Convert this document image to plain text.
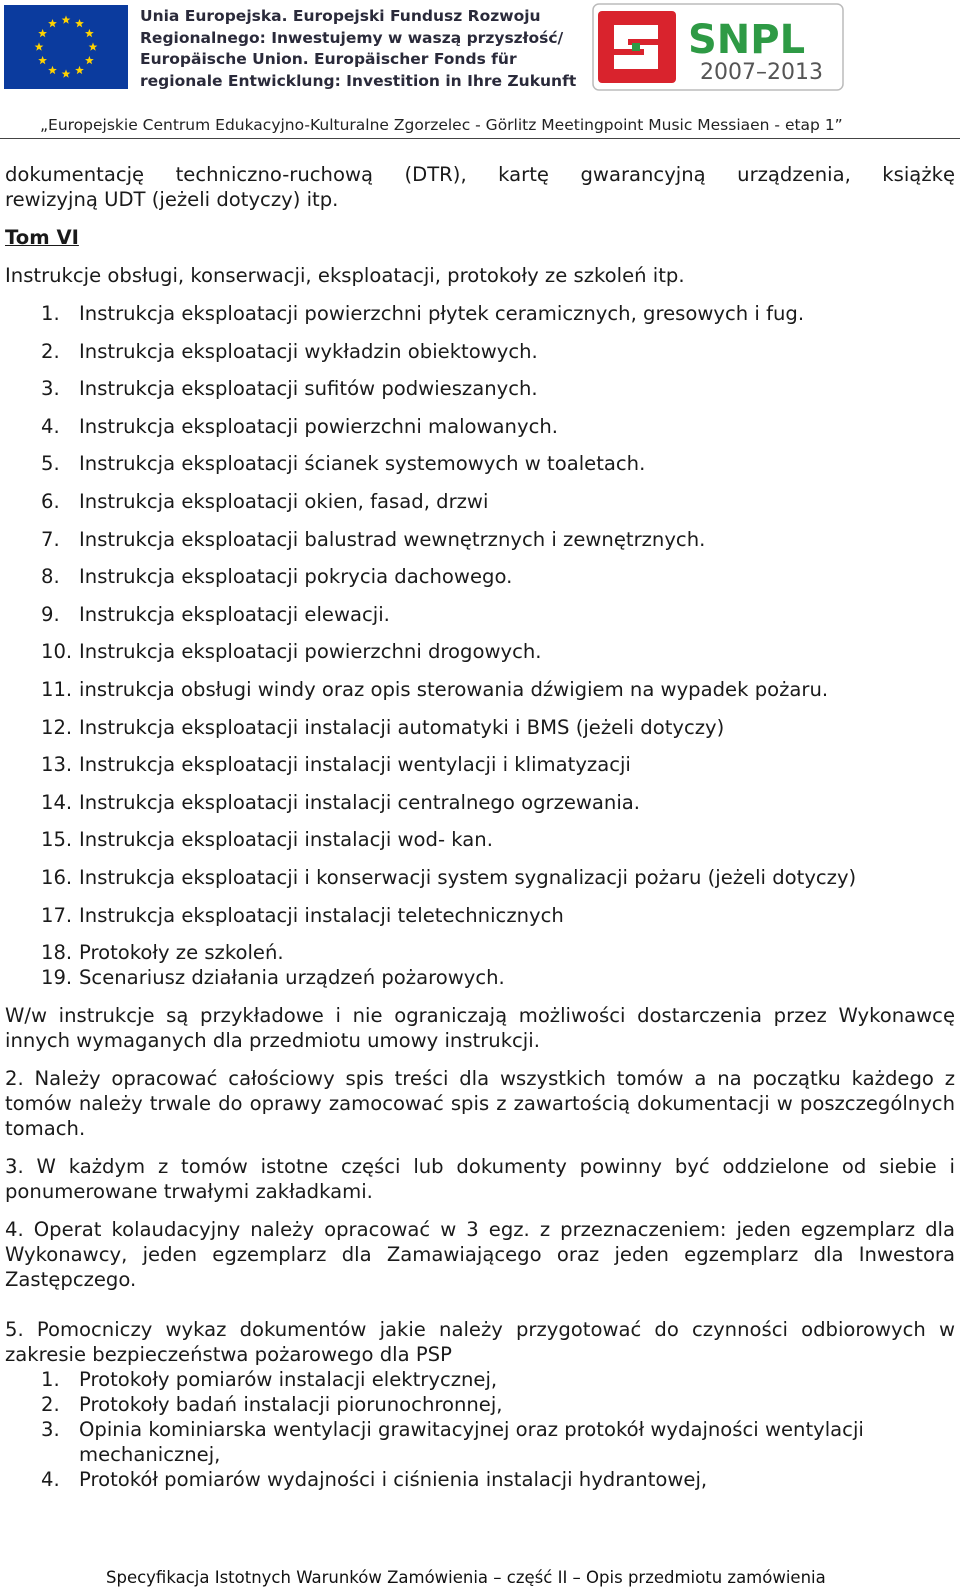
Unia Europejska. Europejski Fundusz Rozwoju
Regionalnego: Inwestujemy w waszą przyszłość/
Europäische Union. Europäischer Fonds für
regionale Entwicklung: Investition in Ihre Zukunft
SNPL
2007–2013
„Europejskie Centrum Edukacyjno-Kulturalne Zgorzelec - Görlitz Meetingpoint Music Messiaen - etap 1”

dokumentację techniczno-ruchową (DTR), kartę gwarancyjną urządzenia, książkę

rewizyjną UDT (jeżeli dotyczy) itp.

Tom VI

Instrukcje obsługi, konserwacji, eksploatacji, protokoły ze szkoleń itp.

1. Instrukcja eksploatacji powierzchni płytek ceramicznych, gresowych i fug.
2. Instrukcja eksploatacji wykładzin obiektowych.
3. Instrukcja eksploatacji sufitów podwieszanych.
4. Instrukcja eksploatacji powierzchni malowanych.
5. Instrukcja eksploatacji ścianek systemowych w toaletach.
6. Instrukcja eksploatacji okien, fasad, drzwi
7. Instrukcja eksploatacji balustrad wewnętrznych i zewnętrznych.
8. Instrukcja eksploatacji pokrycia dachowego.
9. Instrukcja eksploatacji elewacji.
10. Instrukcja eksploatacji powierzchni drogowych.
11. instrukcja obsługi windy oraz opis sterowania dźwigiem na wypadek pożaru.
12. Instrukcja eksploatacji instalacji automatyki i BMS (jeżeli dotyczy)
13. Instrukcja eksploatacji instalacji wentylacji i klimatyzacji
14. Instrukcja eksploatacji instalacji centralnego ogrzewania.
15. Instrukcja eksploatacji instalacji wod- kan.
16. Instrukcja eksploatacji i konserwacji system sygnalizacji pożaru (jeżeli dotyczy)
17. Instrukcja eksploatacji instalacji teletechnicznych
18. Protokoły ze szkoleń.
19. Scenariusz działania urządzeń pożarowych.

W/w instrukcje są przykładowe i nie ograniczają możliwości dostarczenia przez Wykonawcę innych wymaganych dla przedmiotu umowy instrukcji.

2. Należy opracować całościowy spis treści dla wszystkich tomów a na początku każdego z tomów należy trwale do oprawy zamocować spis z zawartością dokumentacji w poszczególnych tomach.

3. W każdym z tomów istotne części lub dokumenty powinny być oddzielone od siebie i ponumerowane trwałymi zakładkami.

4. Operat kolaudacyjny należy opracować w 3 egz. z przeznaczeniem: jeden egzemplarz dla Wykonawcy, jeden egzemplarz dla Zamawiającego oraz jeden egzemplarz dla Inwestora Zastępczego.

5. Pomocniczy wykaz dokumentów jakie należy przygotować do czynności odbiorowych w zakresie bezpieczeństwa pożarowego dla PSP

1. Protokoły pomiarów instalacji elektrycznej,
2. Protokoły badań instalacji piorunochronnej,
3. Opinia kominiarska wentylacji grawitacyjnej oraz protokół wydajności wentylacji mechanicznej,
4. Protokół pomiarów wydajności i ciśnienia instalacji hydrantowej,
Specyfikacja Istotnych Warunków Zamówienia – część II – Opis przedmiotu zamówienia
